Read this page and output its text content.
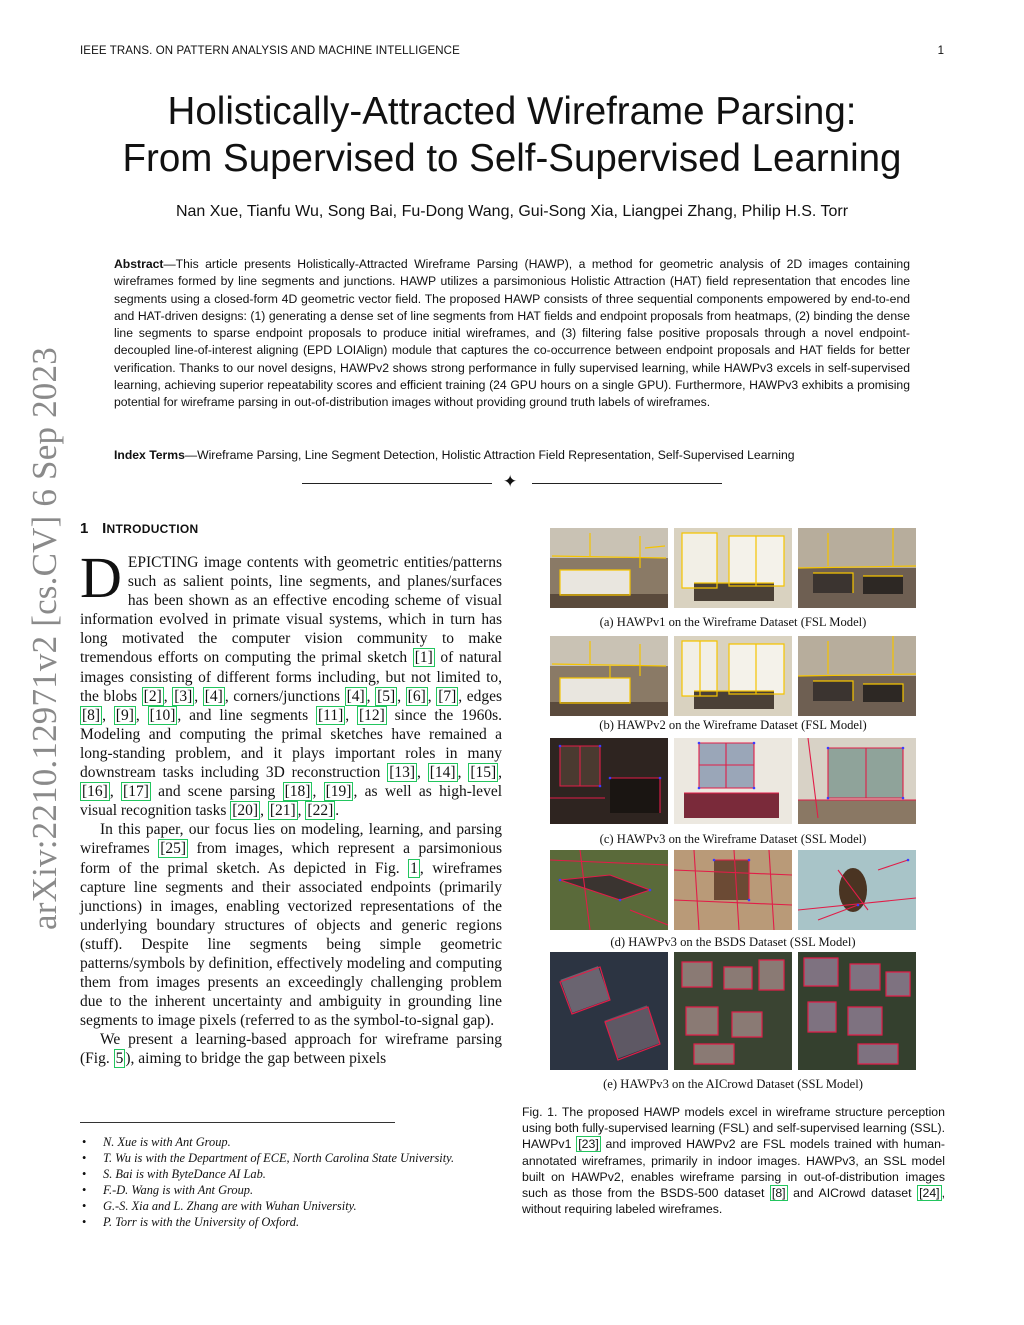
IEEE TRANS. ON PATTERN ANALYSIS AND MACHINE INTELLIGENCE	1
arXiv:2210.12971v2 [cs.CV] 6 Sep 2023
Holistically-Attracted Wireframe Parsing:
From Supervised to Self-Supervised Learning
Nan Xue, Tianfu Wu, Song Bai, Fu-Dong Wang, Gui-Song Xia, Liangpei Zhang, Philip H.S. Torr
Abstract—This article presents Holistically-Attracted Wireframe Parsing (HAWP), a method for geometric analysis of 2D images containing wireframes formed by line segments and junctions. HAWP utilizes a parsimonious Holistic Attraction (HAT) field representation that encodes line segments using a closed-form 4D geometric vector field. The proposed HAWP consists of three sequential components empowered by end-to-end and HAT-driven designs: (1) generating a dense set of line segments from HAT fields and endpoint proposals from heatmaps, (2) binding the dense line segments to sparse endpoint proposals to produce initial wireframes, and (3) filtering false positive proposals through a novel endpoint-decoupled line-of-interest aligning (EPD LOIAlign) module that captures the co-occurrence between endpoint proposals and HAT fields for better verification. Thanks to our novel designs, HAWPv2 shows strong performance in fully supervised learning, while HAWPv3 excels in self-supervised learning, achieving superior repeatability scores and efficient training (24 GPU hours on a single GPU). Furthermore, HAWPv3 exhibits a promising potential for wireframe parsing in out-of-distribution images without providing ground truth labels of wireframes.
Index Terms—Wireframe Parsing, Line Segment Detection, Holistic Attraction Field Representation, Self-Supervised Learning
✦
1 INTRODUCTION

DEPICTING image contents with geometric entities/patterns such as salient points, line segments, and planes/surfaces has been shown as an effective encoding scheme of visual information evolved in primate visual systems, which in turn has long motivated the computer vision community to make tremendous efforts on computing the primal sketch [1] of natural images consisting of different forms including, but not limited to, the blobs [2] , [3] , [4] , corners/junctions [4] , [5] , [6] , [7] , edges [8] , [9] , [10] , and line segments [11] , [12] since the 1960s. Modeling and computing the primal sketches have remained a long-standing problem, and it plays important roles in many downstream tasks including 3D reconstruction [13] , [14] , [15] , [16] , [17] and scene parsing [18] , [19] , as well as high-level visual recognition tasks [20] , [21] , [22] .

In this paper, our focus lies on modeling, learning, and parsing wireframes [25] from images, which represent a parsimonious form of the primal sketch. As depicted in Fig. 1 , wireframes capture line segments and their associated endpoints (primarily junctions) in images, enabling vectorized representations of the underlying boundary structures of objects and generic regions (stuff). Despite line segments being simple geometric patterns/symbols by definition, effectively modeling and computing them from images presents an exceedingly challenging problem due to the inherent uncertainty and ambiguity in grounding line segments to image pixels (referred to as the symbol-to-signal gap).

We present a learning-based approach for wireframe parsing (Fig. 5 ), aiming to bridge the gap between pixels

• N. Xue is with Ant Group.
• T. Wu is with the Department of ECE, North Carolina State University.
• S. Bai is with ByteDance AI Lab.
• F.-D. Wang is with Ant Group.
• G.-S. Xia and L. Zhang are with Wuhan University.
• P. Torr is with the University of Oxford.
(a) HAWPv1 on the Wireframe Dataset (FSL Model)
(b) HAWPv2 on the Wireframe Dataset (FSL Model)
(c) HAWPv3 on the Wireframe Dataset (SSL Model)
(d) HAWPv3 on the BSDS Dataset (SSL Model)
(e) HAWPv3 on the AICrowd Dataset (SSL Model)
Fig. 1. The proposed HAWP models excel in wireframe structure perception using both fully-supervised learning (FSL) and self-supervised learning (SSL). HAWPv1 [23] and improved HAWPv2 are FSL models trained with human-annotated wireframes, primarily in indoor images. HAWPv3, an SSL model built on HAWPv2, enables wireframe parsing in out-of-distribution images such as those from the BSDS-500 dataset [8] and AICrowd dataset [24] , without requiring labeled wireframes.
